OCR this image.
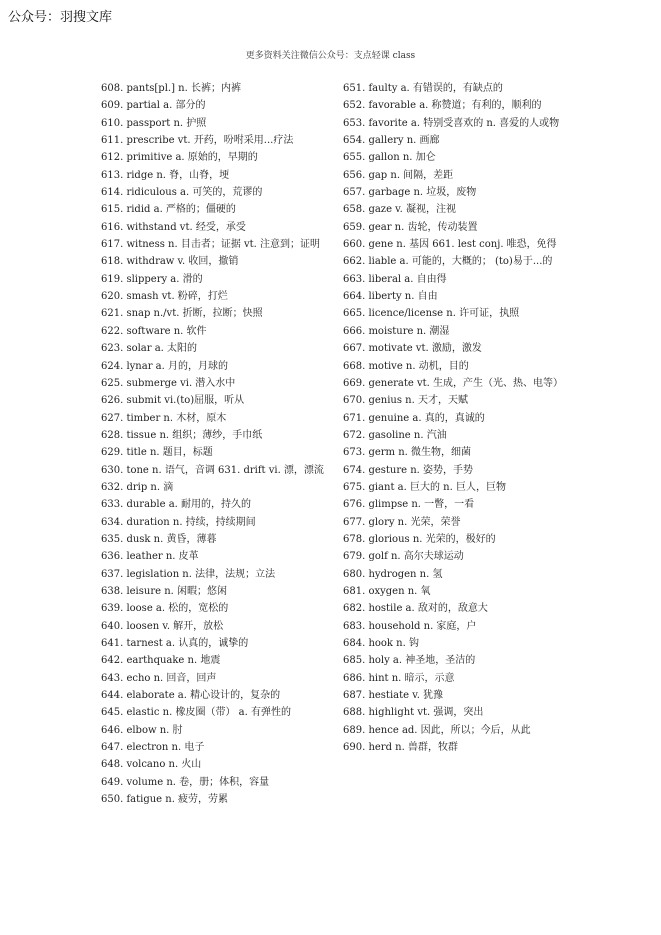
公众号：羽搜文库
更多资料关注微信公众号：支点轻课 class

608. pants[pl.] n. 长裤；内裤

609. partial a. 部分的

610. passport n. 护照

611. prescribe vt. 开药，吩咐采用...疗法

612. primitive a. 原始的，早期的

613. ridge n. 脊，山脊，埂

614. ridiculous a. 可笑的，荒谬的

615. ridid a. 严格的；僵硬的

616. withstand vt. 经受，承受

617. witness n. 目击者；证据 vt. 注意到；证明

618. withdraw v. 收回，撤销

619. slippery a. 滑的

620. smash vt. 粉碎，打烂

621. snap n./vt. 折断，拉断；快照

622. software n. 软件

623. solar a. 太阳的

624. lynar a. 月的，月球的

625. submerge vi. 潜入水中

626. submit vi.(to)屈服，听从

627. timber n. 木材，原木

628. tissue n. 组织；薄纱，手巾纸

629. title n. 题目，标题

630. tone n. 语气，音调 631. drift vi. 漂，漂流

632. drip n. 滴

633. durable a. 耐用的，持久的

634. duration n. 持续，持续期间

635. dusk n. 黄昏，薄暮

636. leather n. 皮革

637. legislation n. 法律，法规；立法

638. leisure n. 闲暇；悠闲

639. loose a. 松的，宽松的

640. loosen v. 解开，放松

641. tarnest a. 认真的，诚挚的

642. earthquake n. 地震

643. echo n. 回音，回声

644. elaborate a. 精心设计的，复杂的

645. elastic n. 橡皮圈（带） a. 有弹性的

646. elbow n. 肘

647. electron n. 电子

648. volcano n. 火山

649. volume n. 卷，册；体积，容量

650. fatigue n. 疲劳，劳累

651. faulty a. 有错误的，有缺点的

652. favorable a. 称赞道；有利的，顺利的

653. favorite a. 特别受喜欢的 n. 喜爱的人或物

654. gallery n. 画廊

655. gallon n. 加仑

656. gap n. 间隔，差距

657. garbage n. 垃圾，废物

658. gaze v. 凝视，注视

659. gear n. 齿轮，传动装置

660. gene n. 基因 661. lest conj. 唯恐，免得

662. liable a. 可能的，大概的； (to)易于...的

663. liberal a. 自由得

664. liberty n. 自由

665. licence/license n. 许可证，执照

666. moisture n. 潮湿

667. motivate vt. 激励，激发

668. motive n. 动机，目的

669. generate vt. 生成，产生（光、热、电等）

670. genius n. 天才，天赋

671. genuine a. 真的，真诚的

672. gasoline n. 汽油

673. germ n. 微生物，细菌

674. gesture n. 姿势，手势

675. giant a. 巨大的 n. 巨人，巨物

676. glimpse n. 一瞥，一看

677. glory n. 光荣，荣誉

678. glorious n. 光荣的，极好的

679. golf n. 高尔夫球运动

680. hydrogen n. 氢

681. oxygen n. 氧

682. hostile a. 敌对的，敌意大

683. household n. 家庭，户

684. hook n. 钩

685. holy a. 神圣地，圣洁的

686. hint n. 暗示，示意

687. hestiate v. 犹豫

688. highlight vt. 强调，突出

689. hence ad. 因此，所以；今后，从此

690. herd n. 兽群，牧群
